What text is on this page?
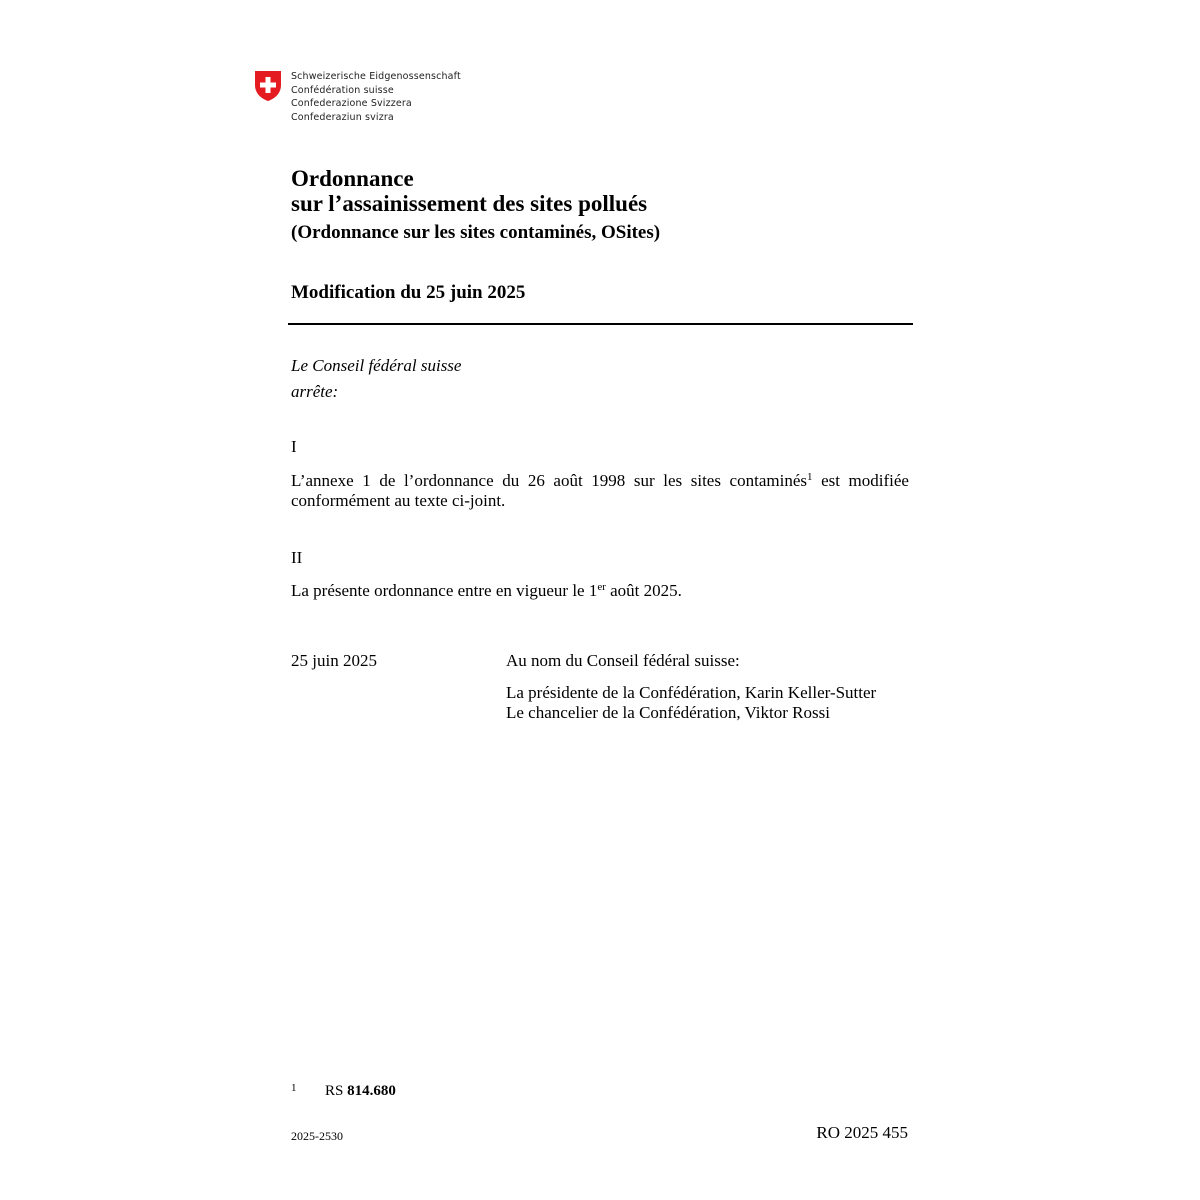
Schweizerische Eidgenossenschaft
Confédération suisse
Confederazione Svizzera
Confederaziun svizra
Ordonnance
sur l’assainissement des sites pollués
(Ordonnance sur les sites contaminés, OSites)
Modification du 25 juin 2025
Le Conseil fédéral suisse
arrête:
I
L’annexe 1 de l’ordonnance du 26 août 1998 sur les sites contaminés$^1$ est modifiée conformément au texte ci-joint.
II
La présente ordonnance entre en vigueur le 1er août 2025.
25 juin 2025	Au nom du Conseil fédéral suisse:
La présidente de la Confédération, Karin Keller-Sutter
Le chancelier de la Confédération, Viktor Rossi
1 RS 814.680
2025-2530	RO 2025 455
